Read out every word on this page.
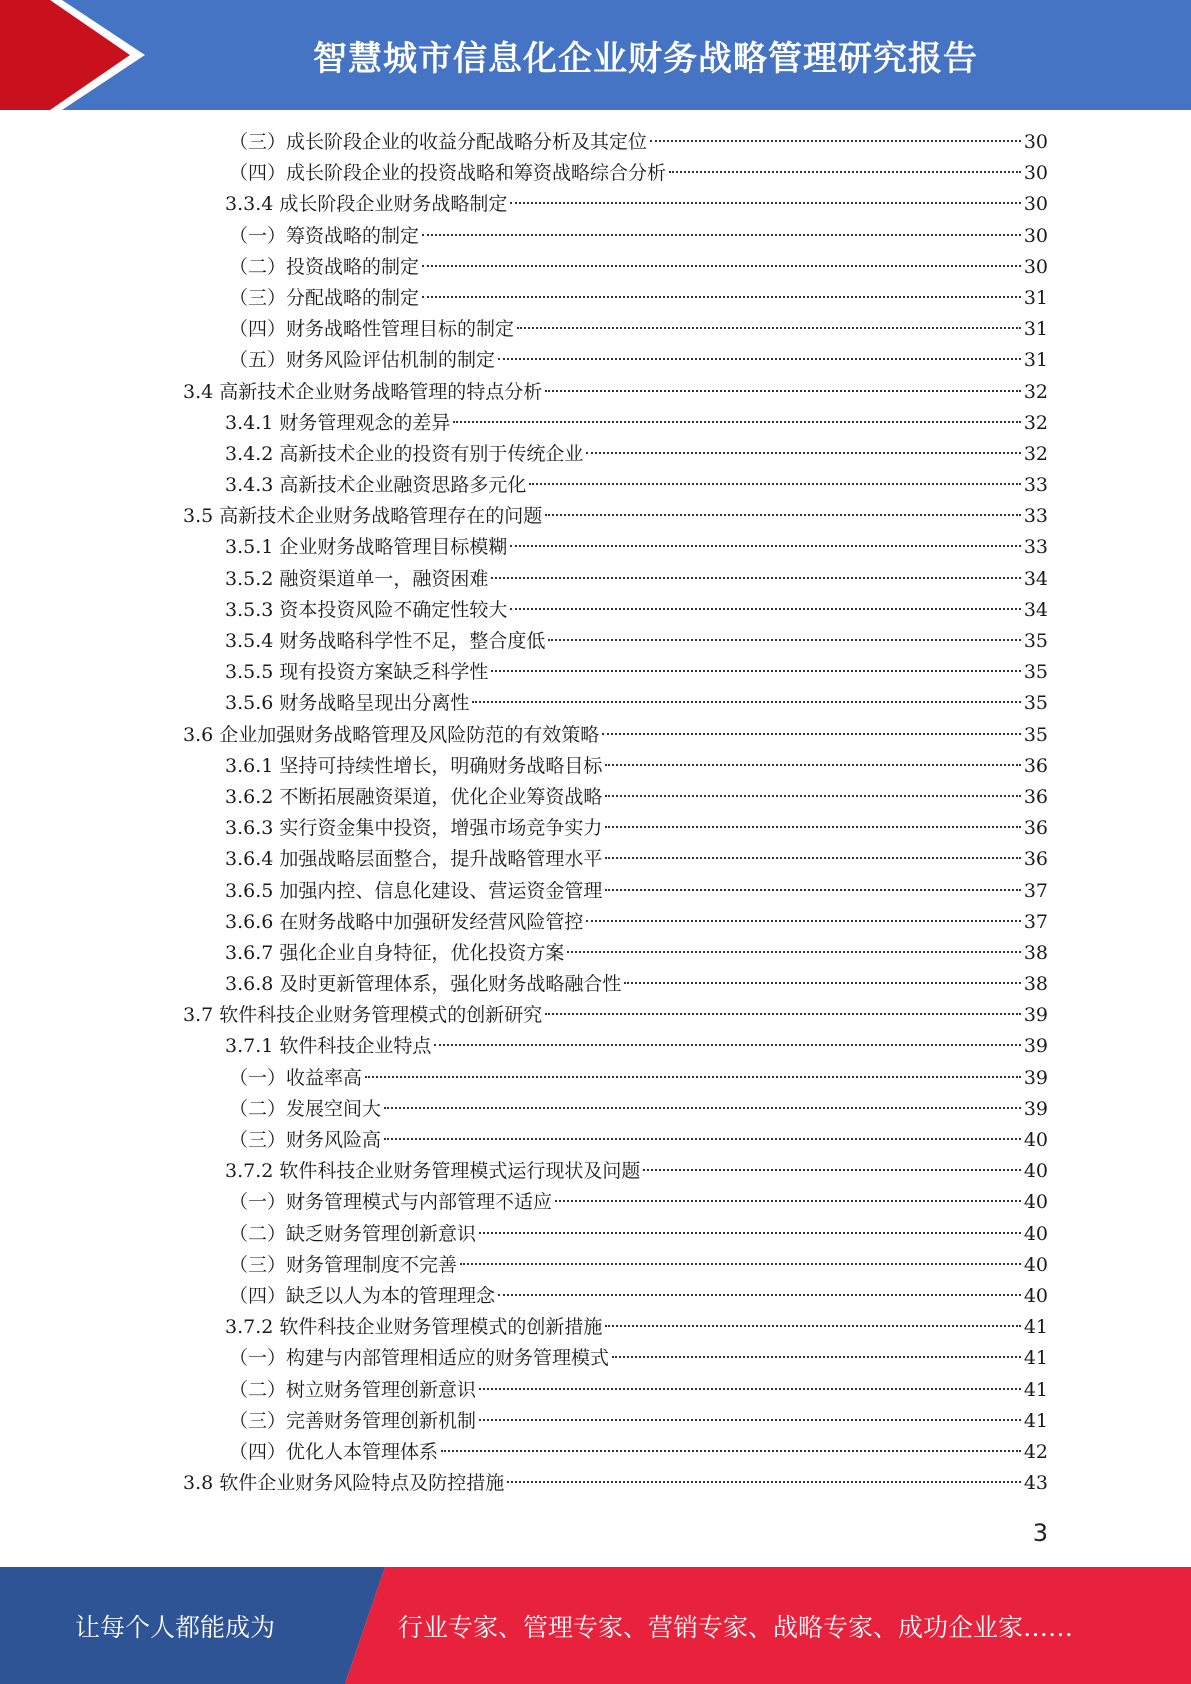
智慧城市信息化企业财务战略管理研究报告
（三）成长阶段企业的收益分配战略分析及其定位	30
（四）成长阶段企业的投资战略和筹资战略综合分析	30
3.3.4 成长阶段企业财务战略制定	30
（一）筹资战略的制定	30
（二）投资战略的制定	30
（三）分配战略的制定	31
（四）财务战略性管理目标的制定	31
（五）财务风险评估机制的制定	31
3.4 高新技术企业财务战略管理的特点分析	32
3.4.1 财务管理观念的差异	32
3.4.2 高新技术企业的投资有别于传统企业	32
3.4.3 高新技术企业融资思路多元化	33
3.5 高新技术企业财务战略管理存在的问题	33
3.5.1 企业财务战略管理目标模糊	33
3.5.2 融资渠道单一，融资困难	34
3.5.3 资本投资风险不确定性较大	34
3.5.4 财务战略科学性不足，整合度低	35
3.5.5 现有投资方案缺乏科学性	35
3.5.6 财务战略呈现出分离性	35
3.6 企业加强财务战略管理及风险防范的有效策略	35
3.6.1 坚持可持续性增长，明确财务战略目标	36
3.6.2 不断拓展融资渠道，优化企业筹资战略	36
3.6.3 实行资金集中投资，增强市场竞争实力	36
3.6.4 加强战略层面整合，提升战略管理水平	36
3.6.5 加强内控、信息化建设、营运资金管理	37
3.6.6 在财务战略中加强研发经营风险管控	37
3.6.7 强化企业自身特征，优化投资方案	38
3.6.8 及时更新管理体系，强化财务战略融合性	38
3.7 软件科技企业财务管理模式的创新研究	39
3.7.1 软件科技企业特点	39
（一）收益率高	39
（二）发展空间大	39
（三）财务风险高	40
3.7.2 软件科技企业财务管理模式运行现状及问题	40
（一）财务管理模式与内部管理不适应	40
（二）缺乏财务管理创新意识	40
（三）财务管理制度不完善	40
（四）缺乏以人为本的管理理念	40
3.7.2 软件科技企业财务管理模式的创新措施	41
（一）构建与内部管理相适应的财务管理模式	41
（二）树立财务管理创新意识	41
（三）完善财务管理创新机制	41
（四）优化人本管理体系	42
3.8 软件企业财务风险特点及防控措施	43
3
让每个人都能成为	行业专家、管理专家、营销专家、战略专家、成功企业家……
